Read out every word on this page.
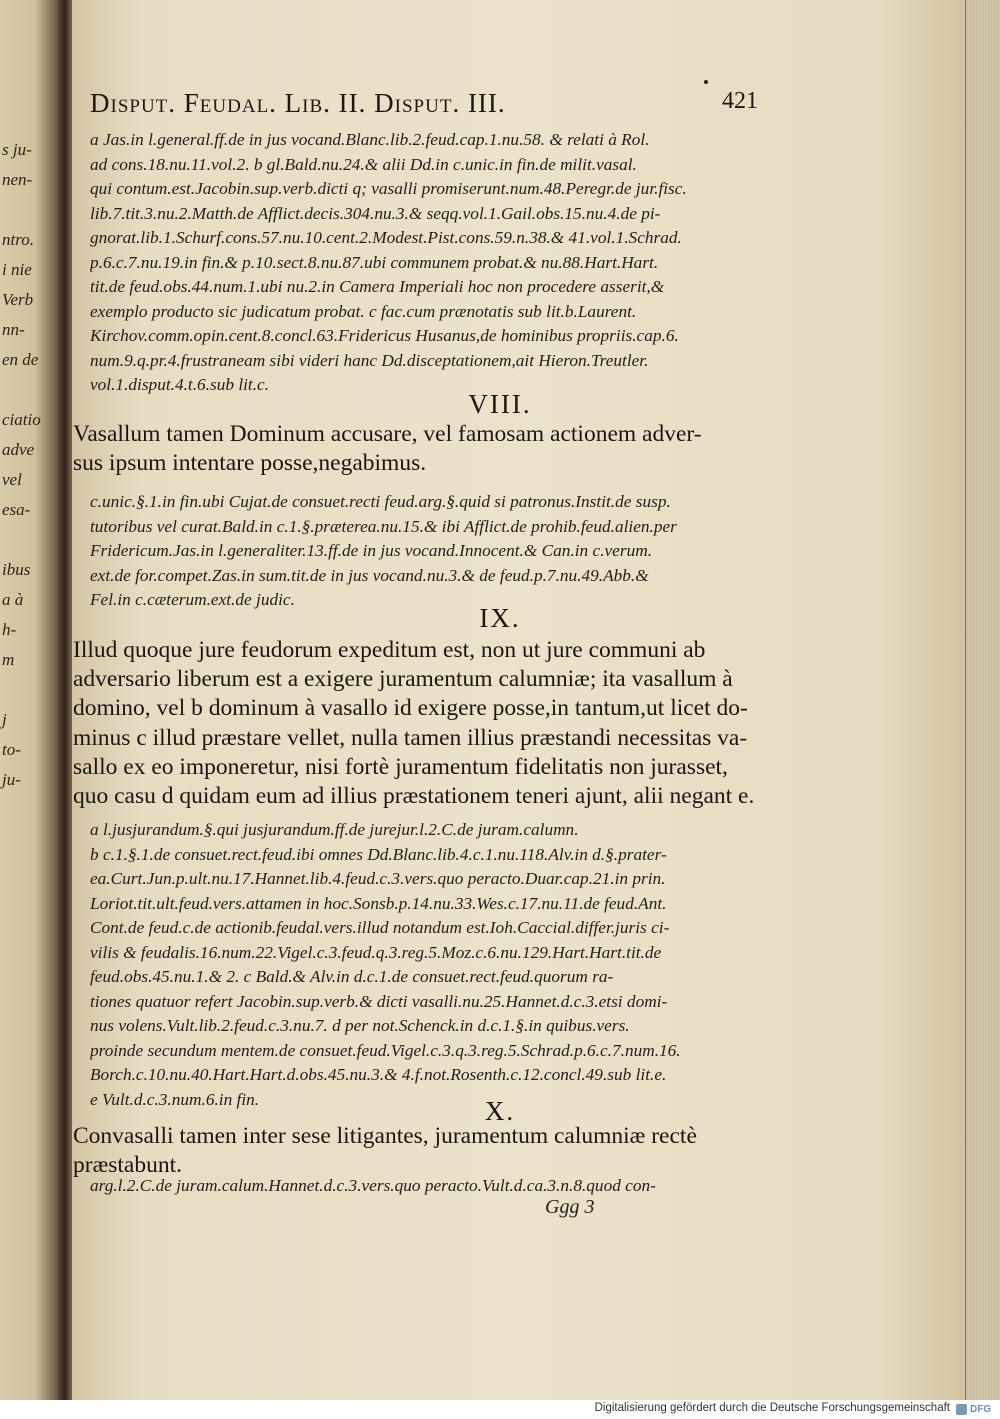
s ju-
nen-
ntro.
i nie
Verb
nn-
en de
ciatio
adve
vel
esa-
ibus
a à
h-
m
j
to-
ju-
Disput. Feudal. Lib. II. Disput. III.	421
a Jas.in l.general.ff.de in jus vocand.Blanc.lib.2.feud.cap.1.nu.58. & relati à Rol.
ad cons.18.nu.11.vol.2. b gl.Bald.nu.24.& alii Dd.in c.unic.in fin.de milit.vasal.
qui contum.est.Jacobin.sup.verb.dicti q; vasalli promiserunt.num.48.Peregr.de jur.fisc.
lib.7.tit.3.nu.2.Matth.de Afflict.decis.304.nu.3.& seqq.vol.1.Gail.obs.15.nu.4.de pi-
gnorat.lib.1.Schurf.cons.57.nu.10.cent.2.Modest.Pist.cons.59.n.38.& 41.vol.1.Schrad.
p.6.c.7.nu.19.in fin.& p.10.sect.8.nu.87.ubi communem probat.& nu.88.Hart.Hart.
tit.de feud.obs.44.num.1.ubi nu.2.in Camera Imperiali hoc non procedere asserit,&
exemplo producto sic judicatum probat. c fac.cum prænotatis sub lit.b.Laurent.
Kirchov.comm.opin.cent.8.concl.63.Fridericus Husanus,de hominibus propriis.cap.6.
num.9.q.pr.4.frustraneam sibi videri hanc Dd.disceptationem,ait Hieron.Treutler.
vol.1.disput.4.t.6.sub lit.c.
VIII.
Vasallum tamen Dominum accusare, vel famosam actionem adver-
sus ipsum intentare posse,negabimus.
c.unic.§.1.in fin.ubi Cujat.de consuet.recti feud.arg.§.quid si patronus.Instit.de susp.
tutoribus vel curat.Bald.in c.1.§.præterea.nu.15.& ibi Afflict.de prohib.feud.alien.per
Fridericum.Jas.in l.generaliter.13.ff.de in jus vocand.Innocent.& Can.in c.verum.
ext.de for.compet.Zas.in sum.tit.de in jus vocand.nu.3.& de feud.p.7.nu.49.Abb.&
Fel.in c.cæterum.ext.de judic.
IX.
Illud quoque jure feudorum expeditum est, non ut jure communi ab
adversario liberum est a exigere juramentum calumniæ; ita vasallum à
domino, vel b dominum à vasallo id exigere posse,in tantum,ut licet do-
minus c illud præstare vellet, nulla tamen illius præstandi necessitas va-
sallo ex eo imponeretur, nisi fortè juramentum fidelitatis non jurasset,
quo casu d quidam eum ad illius præstationem teneri ajunt, alii negant e.
a l.jusjurandum.§.qui jusjurandum.ff.de jurejur.l.2.C.de juram.calumn.
b c.1.§.1.de consuet.rect.feud.ibi omnes Dd.Blanc.lib.4.c.1.nu.118.Alv.in d.§.prater-
ea.Curt.Jun.p.ult.nu.17.Hannet.lib.4.feud.c.3.vers.quo peracto.Duar.cap.21.in prin.
Loriot.tit.ult.feud.vers.attamen in hoc.Sonsb.p.14.nu.33.Wes.c.17.nu.11.de feud.Ant.
Cont.de feud.c.de actionib.feudal.vers.illud notandum est.Ioh.Caccial.differ.juris ci-
vilis & feudalis.16.num.22.Vigel.c.3.feud.q.3.reg.5.Moz.c.6.nu.129.Hart.Hart.tit.de
feud.obs.45.nu.1.& 2. c Bald.& Alv.in d.c.1.de consuet.rect.feud.quorum ra-
tiones quatuor refert Jacobin.sup.verb.& dicti vasalli.nu.25.Hannet.d.c.3.etsi domi-
nus volens.Vult.lib.2.feud.c.3.nu.7. d per not.Schenck.in d.c.1.§.in quibus.vers.
proinde secundum mentem.de consuet.feud.Vigel.c.3.q.3.reg.5.Schrad.p.6.c.7.num.16.
Borch.c.10.nu.40.Hart.Hart.d.obs.45.nu.3.& 4.f.not.Rosenth.c.12.concl.49.sub lit.e.
e Vult.d.c.3.num.6.in fin.	X.
Convasalli tamen inter sese litigantes, juramentum calumniæ rectè
præstabunt.
arg.l.2.C.de juram.calum.Hannet.d.c.3.vers.quo peracto.Vult.d.ca.3.n.8.quod con-
Ggg 3
Digitalisierung gefördert durch die Deutsche Forschungsgemeinschaft DFG
